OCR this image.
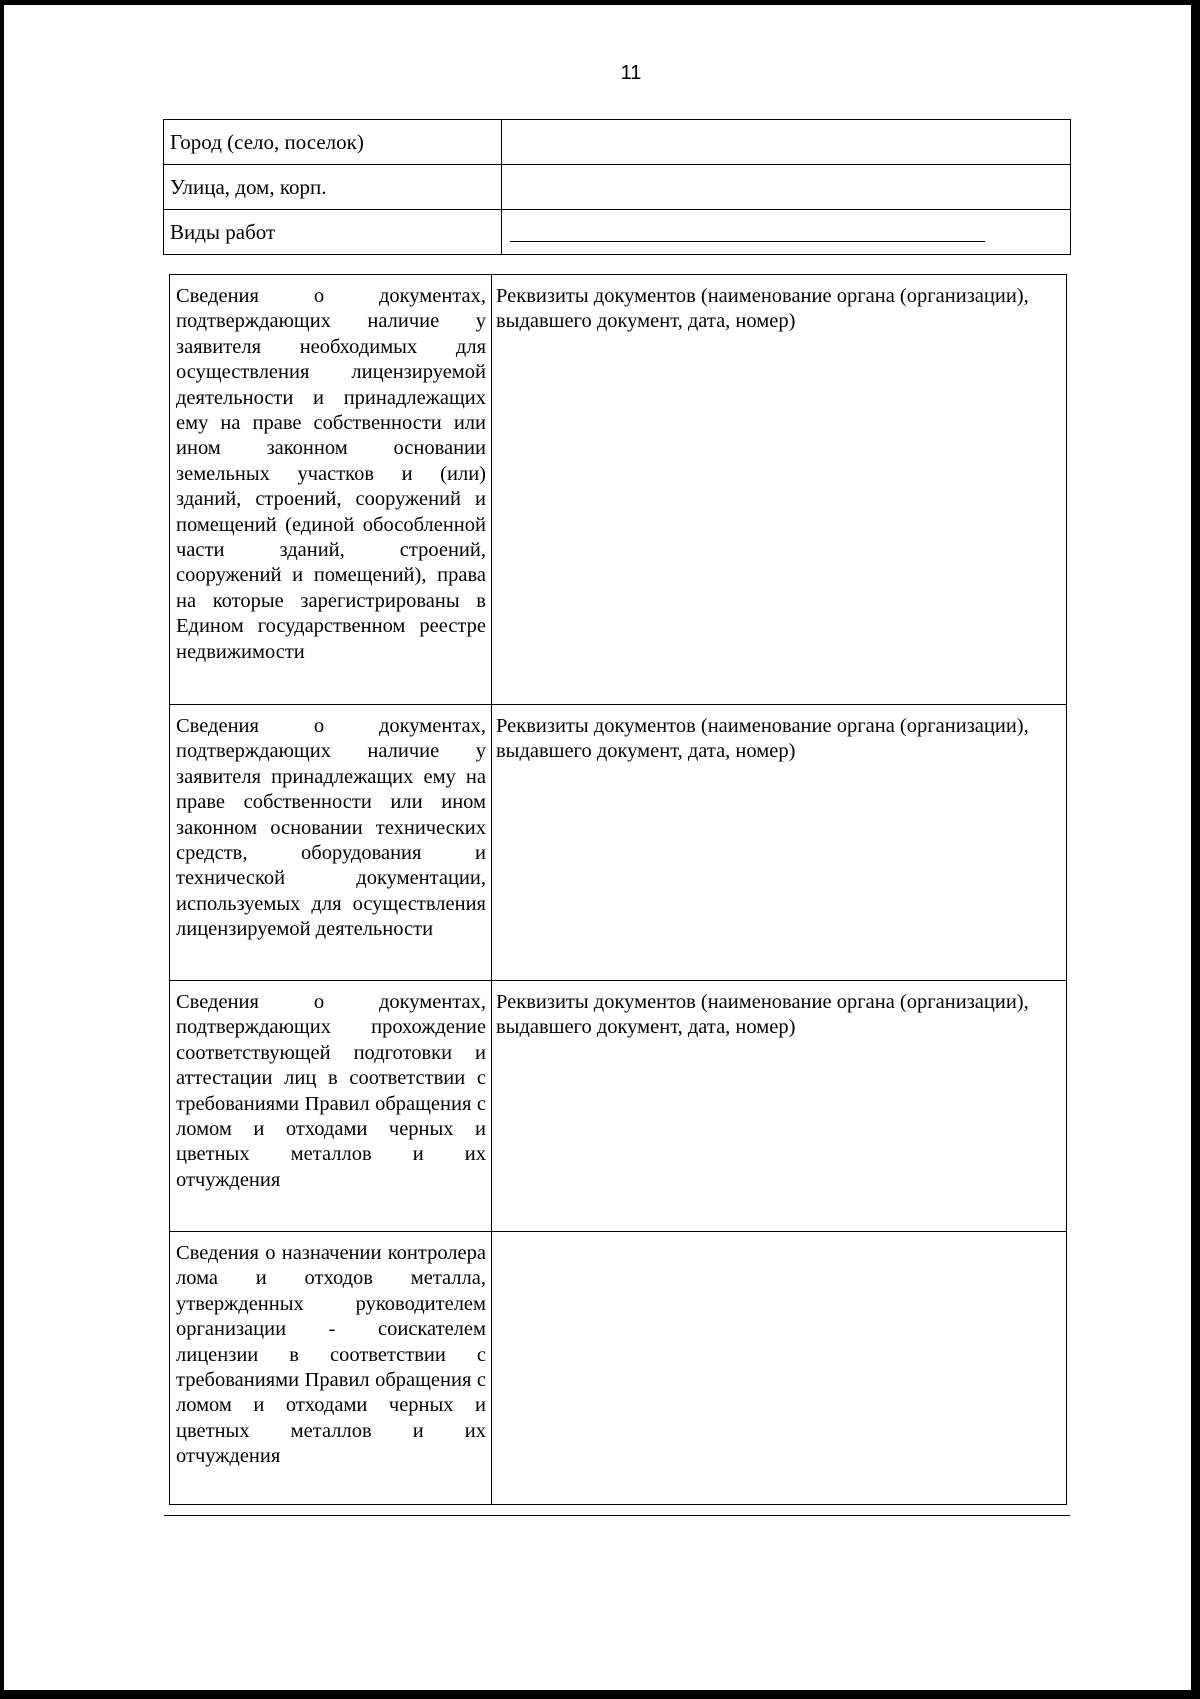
11
Город (село, поселок)	
Улица, дом, корп.	
Виды работ	
Сведения о документах, подтверждающих наличие у заявителя необходимых для осуществления лицензируемой деятельности и принадлежащих ему на праве собственности или ином законном основании земельных участков и (или) зданий, строений, сооружений и помещений (единой обособленной части зданий, строений, сооружений и помещений), права на которые зарегистрированы в Едином государственном реестре недвижимости	Реквизиты документов (наименование органа (организации), выдавшего документ, дата, номер)
Сведения о документах, подтверждающих наличие у заявителя принадлежащих ему на праве собственности или ином законном основании технических средств, оборудования и технической документации, используемых для осуществления лицензируемой деятельности	Реквизиты документов (наименование органа (организации), выдавшего документ, дата, номер)
Сведения о документах, подтверждающих прохождение соответствующей подготовки и аттестации лиц в соответствии с требованиями Правил обращения с ломом и отходами черных и цветных металлов и их отчуждения	Реквизиты документов (наименование органа (организации), выдавшего документ, дата, номер)
Сведения о назначении контролера лома и отходов металла, утвержденных руководителем организации - соискателем лицензии в соответствии с требованиями Правил обращения с ломом и отходами черных и цветных металлов и их отчуждения	
